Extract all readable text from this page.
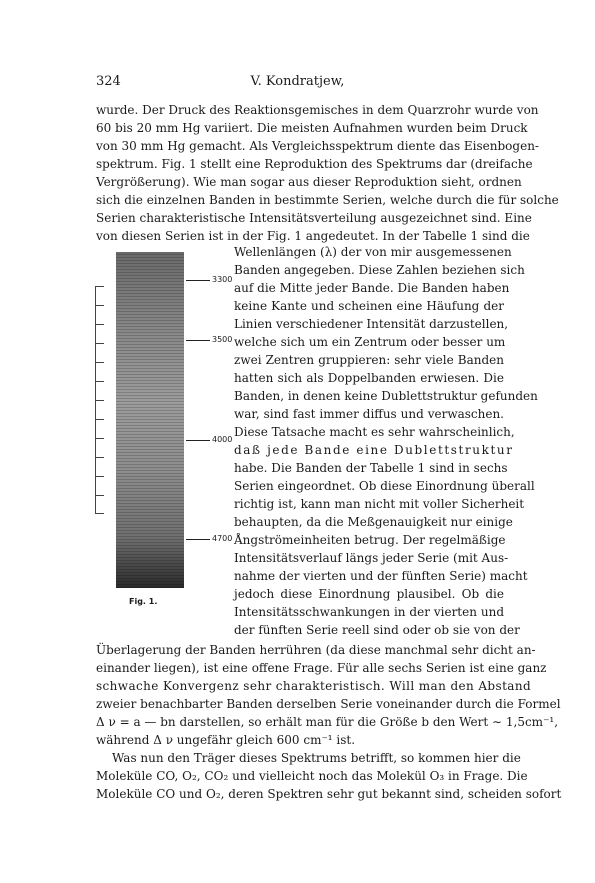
324	V. Kondratjew,
wurde. Der Druck des Reaktionsgemisches in dem Quarzrohr wurde von
60 bis 20 mm Hg variiert. Die meisten Aufnahmen wurden beim Druck
von 30 mm Hg gemacht. Als Vergleichsspektrum diente das Eisenbogen-
spektrum. Fig. 1 stellt eine Reproduktion des Spektrums dar (dreifache
Vergrößerung). Wie man sogar aus dieser Reproduktion sieht, ordnen
sich die einzelnen Banden in bestimmte Serien, welche durch die für solche
Serien charakteristische Intensitätsverteilung ausgezeichnet sind. Eine
von diesen Serien ist in der Fig. 1 angedeutet. In der Tabelle 1 sind die
Wellenlängen (λ) der von mir ausgemessenen
Banden angegeben. Diese Zahlen beziehen sich
auf die Mitte jeder Bande. Die Banden haben
keine Kante und scheinen eine Häufung der
Linien verschiedener Intensität darzustellen,
welche sich um ein Zentrum oder besser um
zwei Zentren gruppieren: sehr viele Banden
hatten sich als Doppelbanden erwiesen. Die
Banden, in denen keine Dublettstruktur gefunden
war, sind fast immer diffus und verwaschen.
Diese Tatsache macht es sehr wahrscheinlich,
daß jede Bande eine Dublettstruktur
habe. Die Banden der Tabelle 1 sind in sechs
Serien eingeordnet. Ob diese Einordnung überall
richtig ist, kann man nicht mit voller Sicherheit
behaupten, da die Meßgenauigkeit nur einige
Ångströmeinheiten betrug. Der regelmäßige
Intensitätsverlauf längs jeder Serie (mit Aus-
nahme der vierten und der fünften Serie) macht
jedoch diese Einordnung plausibel. Ob die
Intensitätsschwankungen in der vierten und
der fünften Serie reell sind oder ob sie von der
3300
3500
4000
4700
Fig. 1.
Überlagerung der Banden herrühren (da diese manchmal sehr dicht an-
einander liegen), ist eine offene Frage. Für alle sechs Serien ist eine ganz
schwache Konvergenz sehr charakteristisch. Will man den Abstand
zweier benachbarter Banden derselben Serie voneinander durch die Formel
Δ ν = a — bn darstellen, so erhält man für die Größe b den Wert ∼ 1,5cm⁻¹,
während Δ ν ungefähr gleich 600 cm⁻¹ ist.
Was nun den Träger dieses Spektrums betrifft, so kommen hier die
Moleküle CO, O₂, CO₂ und vielleicht noch das Molekül O₃ in Frage. Die
Moleküle CO und O₂, deren Spektren sehr gut bekannt sind, scheiden sofort
